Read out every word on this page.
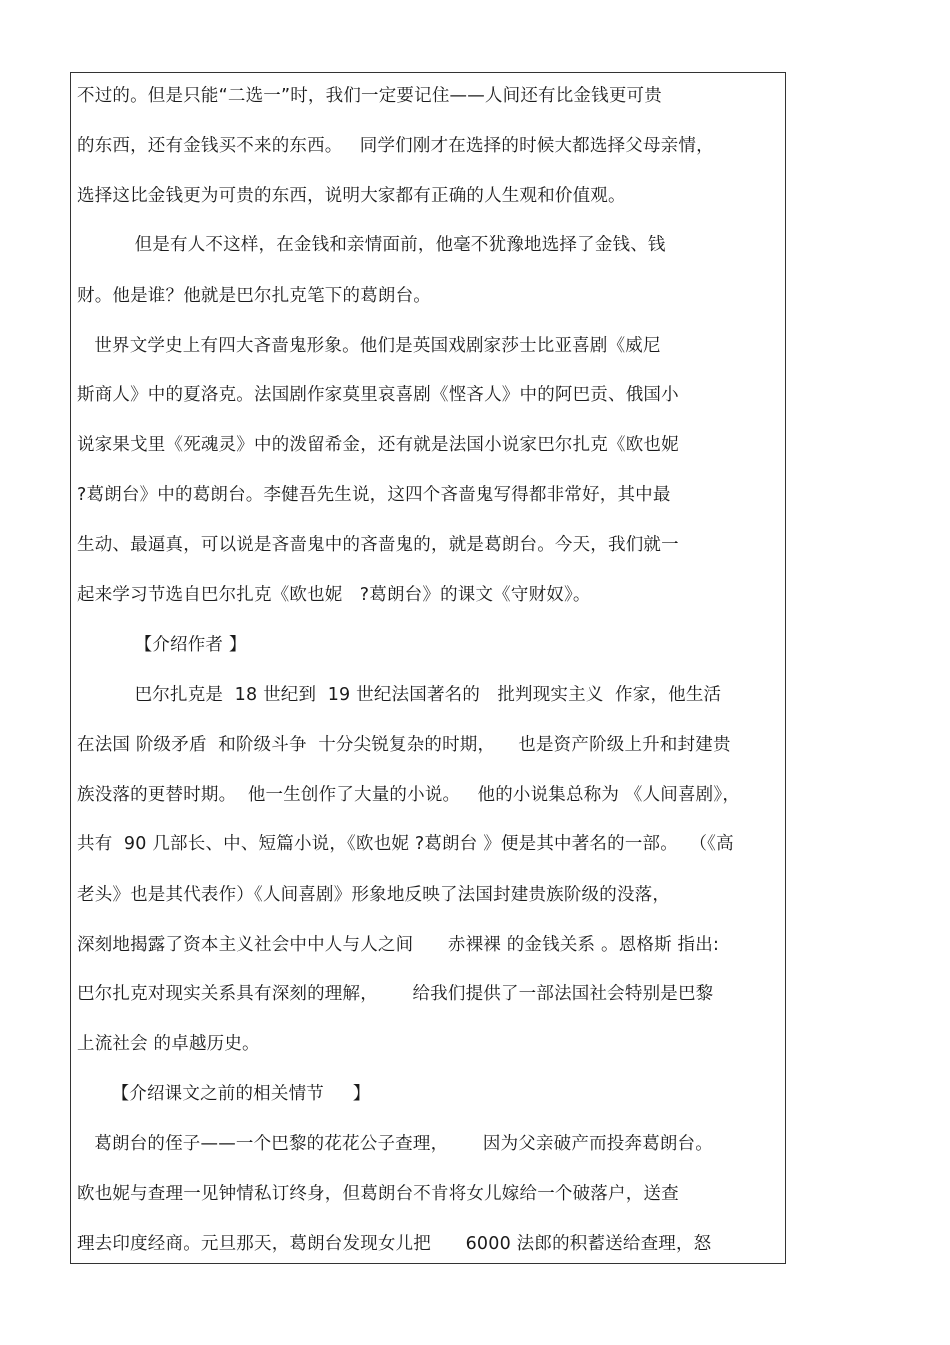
不过的。但是只能“二选一”时，我们一定要记住——人间还有比金钱更可贵
的东西，还有金钱买不来的东西。   同学们刚才在选择的时候大都选择父母亲情，
选择这比金钱更为可贵的东西，说明大家都有正确的人生观和价值观。
但是有人不这样，在金钱和亲情面前，他毫不犹豫地选择了金钱、钱
财。他是谁？他就是巴尔扎克笔下的葛朗台。
世界文学史上有四大吝啬鬼形象。他们是英国戏剧家莎士比亚喜剧《威尼
斯商人》中的夏洛克。法国剧作家莫里哀喜剧《悭吝人》中的阿巴贡、俄国小
说家果戈里《死魂灵》中的泼留希金，还有就是法国小说家巴尔扎克《欧也妮
?葛朗台》中的葛朗台。李健吾先生说，这四个吝啬鬼写得都非常好，其中最
生动、最逼真，可以说是吝啬鬼中的吝啬鬼的，就是葛朗台。今天，我们就一
起来学习节选自巴尔扎克《欧也妮   ?葛朗台》的课文《守财奴》。
【介绍作者 】
巴尔扎克是  18 世纪到  19 世纪法国著名的   批判现实主义  作家，他生活
在法国 阶级矛盾  和阶级斗争  十分尖锐复杂的时期，    也是资产阶级上升和封建贵
族没落的更替时期。  他一生创作了大量的小说。   他的小说集总称为 《人间喜剧》，
共有  90 几部长、中、短篇小说，《欧也妮 ?葛朗台 》便是其中著名的一部。  （《高
老头》也是其代表作）《人间喜剧》形象地反映了法国封建贵族阶级的没落，
深刻地揭露了资本主义社会中中人与人之间      赤裸裸 的金钱关系 。恩格斯 指出:
巴尔扎克对现实关系具有深刻的理解，      给我们提供了一部法国社会特别是巴黎
上流社会 的卓越历史。
【介绍课文之前的相关情节     】
葛朗台的侄子——一个巴黎的花花公子查理，      因为父亲破产而投奔葛朗台。
欧也妮与查理一见钟情私订终身，但葛朗台不肯将女儿嫁给一个破落户，送查
理去印度经商。元旦那天，葛朗台发现女儿把      6000 法郎的积蓄送给查理，怒
